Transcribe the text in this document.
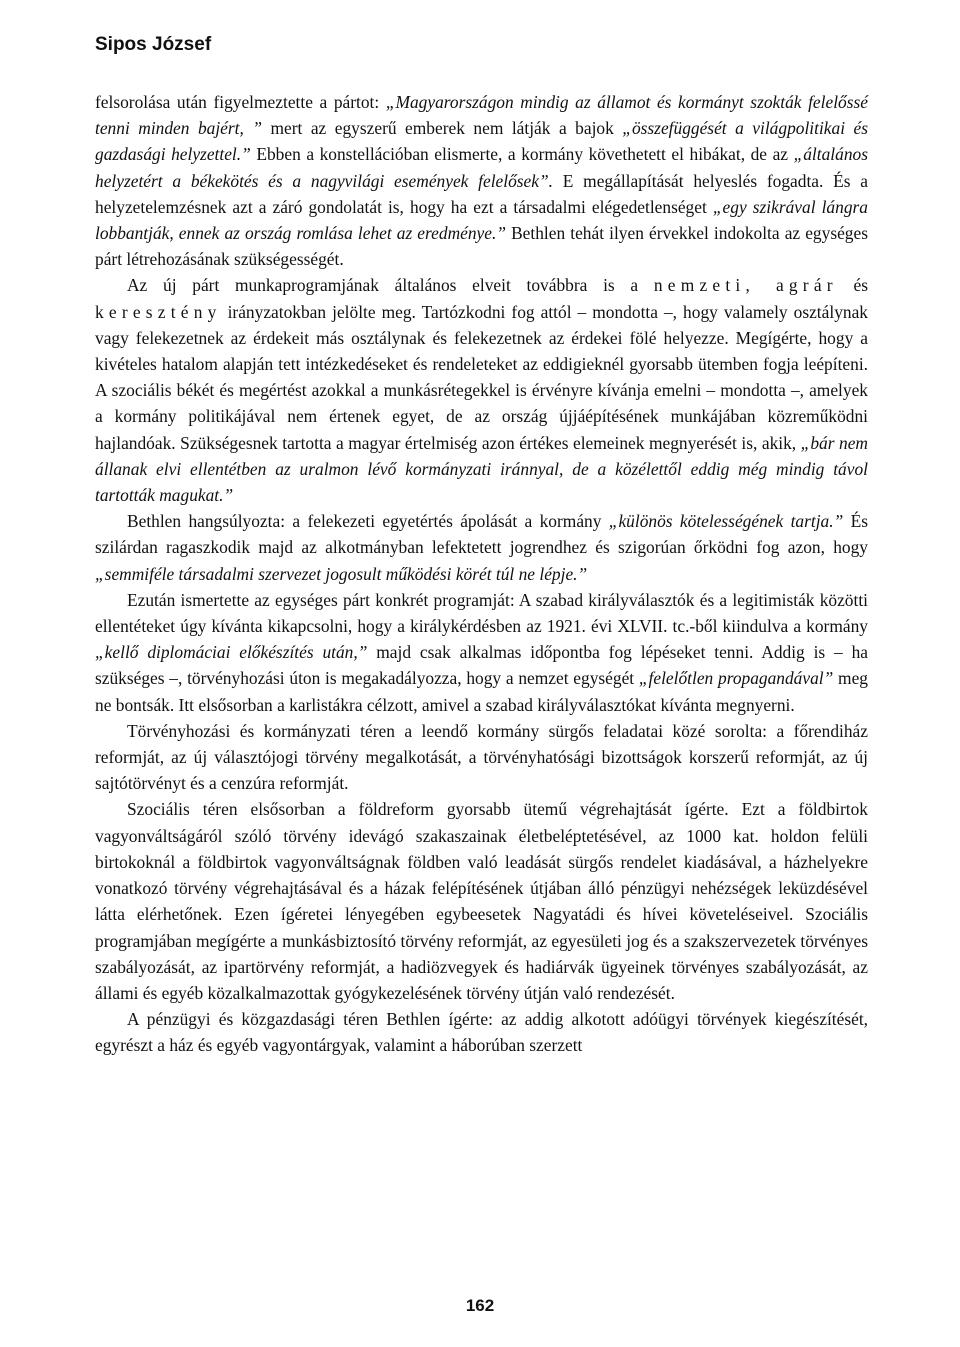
Sipos József

felsorolása után figyelmeztette a pártot: „Magyarországon mindig az államot és kormányt szokták felelőssé tenni minden bajért, ” mert az egyszerű emberek nem látják a bajok „összefüggését a világpolitikai és gazdasági helyzettel.” Ebben a konstellációban elismerte, a kormány követhetett el hibákat, de az „általános helyzetért a békekötés és a nagyvilági események felelősek”. E megállapítását helyeslés fogadta. És a helyzetelemzésnek azt a záró gondolatát is, hogy ha ezt a társadalmi elégedetlenséget „egy szikrával lángra lobbantják, ennek az ország romlása lehet az eredménye.” Bethlen tehát ilyen érvekkel indokolta az egységes párt létrehozásának szükségességét.

Az új párt munkaprogramjának általános elveit továbbra is a nemzeti, agrár és keresztény irányzatokban jelölte meg. Tartózkodni fog attól – mondotta –, hogy valamely osztálynak vagy felekezetnek az érdekeit más osztálynak és felekezetnek az érdekei fölé helyezze. Megígérte, hogy a kivételes hatalom alapján tett intézkedéseket és rendeleteket az eddigieknél gyorsabb ütemben fogja leépíteni. A szociális békét és megértést azokkal a munkásrétegekkel is érvényre kívánja emelni – mondotta –, amelyek a kormány politikájával nem értenek egyet, de az ország újjáépítésének munkájában közreműködni hajlandóak. Szükségesnek tartotta a magyar értelmiség azon értékes elemeinek megnyerését is, akik, „bár nem állanak elvi ellentétben az uralmon lévő kormányzati iránnyal, de a közélettől eddig még mindig távol tartották magukat.”

Bethlen hangsúlyozta: a felekezeti egyetértés ápolását a kormány „különös kötelességének tartja.” És szilárdan ragaszkodik majd az alkotmányban lefektetett jogrendhez és szigorúan őrködni fog azon, hogy „semmiféle társadalmi szervezet jogosult működési körét túl ne lépje.”

Ezután ismertette az egységes párt konkrét programját: A szabad királyválasztók és a legitimisták közötti ellentéteket úgy kívánta kikapcsolni, hogy a királykérdésben az 1921. évi XLVII. tc.-ből kiindulva a kormány „kellő diplomáciai előkészítés után,” majd csak alkalmas időpontba fog lépéseket tenni. Addig is – ha szükséges –, törvényhozási úton is megakadályozza, hogy a nemzet egységét „felelőtlen propagandával” meg ne bontsák. Itt elsősorban a karlistákra célzott, amivel a szabad királyválasztókat kívánta megnyerni.

Törvényhozási és kormányzati téren a leendő kormány sürgős feladatai közé sorolta: a főrendiház reformját, az új választójogi törvény megalkotását, a törvényhatósági bizottságok korszerű reformját, az új sajtótörvényt és a cenzúra reformját.

Szociális téren elsősorban a földreform gyorsabb ütemű végrehajtását ígérte. Ezt a földbirtok vagyonváltságáról szóló törvény idevágó szakaszainak életbeléptetésével, az 1000 kat. holdon felüli birtokoknál a földbirtok vagyonváltságnak földben való leadását sürgős rendelet kiadásával, a házhelyekre vonatkozó törvény végrehajtásával és a házak felépítésének útjában álló pénzügyi nehézségek leküzdésével látta elérhetőnek. Ezen ígéretei lényegében egybeesetek Nagyatádi és hívei követeléseivel. Szociális programjában megígérte a munkásbiztosító törvény reformját, az egyesületi jog és a szakszervezetek törvényes szabályozását, az ipartörvény reformját, a hadiözvegyek és hadiárvák ügyeinek törvényes szabályozását, az állami és egyéb közalkalmazottak gyógykezelésének törvény útján való rendezését.

A pénzügyi és közgazdasági téren Bethlen ígérte: az addig alkotott adóügyi törvények kiegészítését, egyrészt a ház és egyéb vagyontárgyak, valamint a háborúban szerzett

162
